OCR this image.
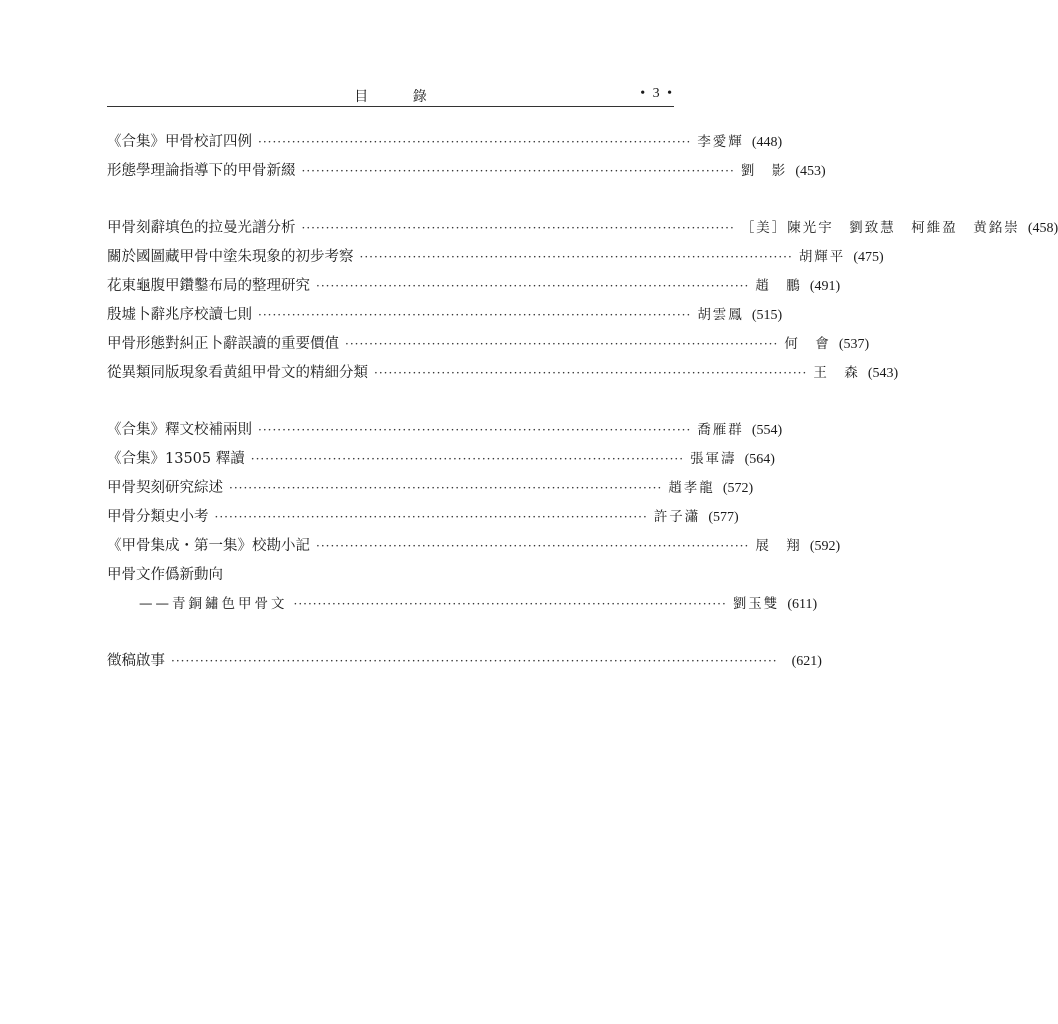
目 錄	• 3 •
《合集》甲骨校訂四例 ·························································································· 李愛輝 (448)
形態學理論指導下的甲骨新綴 ·························································································· 劉　影 (453)
甲骨刻辭填色的拉曼光譜分析 ·························································································· ［美］陳光宇　劉致慧　柯維盈　黄銘崇 (458)
關於國圖藏甲骨中塗朱現象的初步考察 ·························································································· 胡輝平 (475)
花東龜腹甲鑽鑿布局的整理研究 ·························································································· 趙　鵬 (491)
殷墟卜辭兆序校讀七則 ·························································································· 胡雲鳳 (515)
甲骨形態對糾正卜辭誤讀的重要價值 ·························································································· 何　會 (537)
從異類同版現象看黄組甲骨文的精細分類 ·························································································· 王　森 (543)
《合集》釋文校補兩則 ·························································································· 喬雁群 (554)
《合集》13505 釋讀 ·························································································· 張軍濤 (564)
甲骨契刻研究綜述 ·························································································· 趙孝龍 (572)
甲骨分類史小考 ·························································································· 許子瀟 (577)
《甲骨集成・第一集》校勘小記 ·························································································· 展　翔 (592)
甲骨文作僞新動向
——青銅鏽色甲骨文 ·························································································· 劉玉雙 (611)
徵稿啟事 ······························································································································ (621)
